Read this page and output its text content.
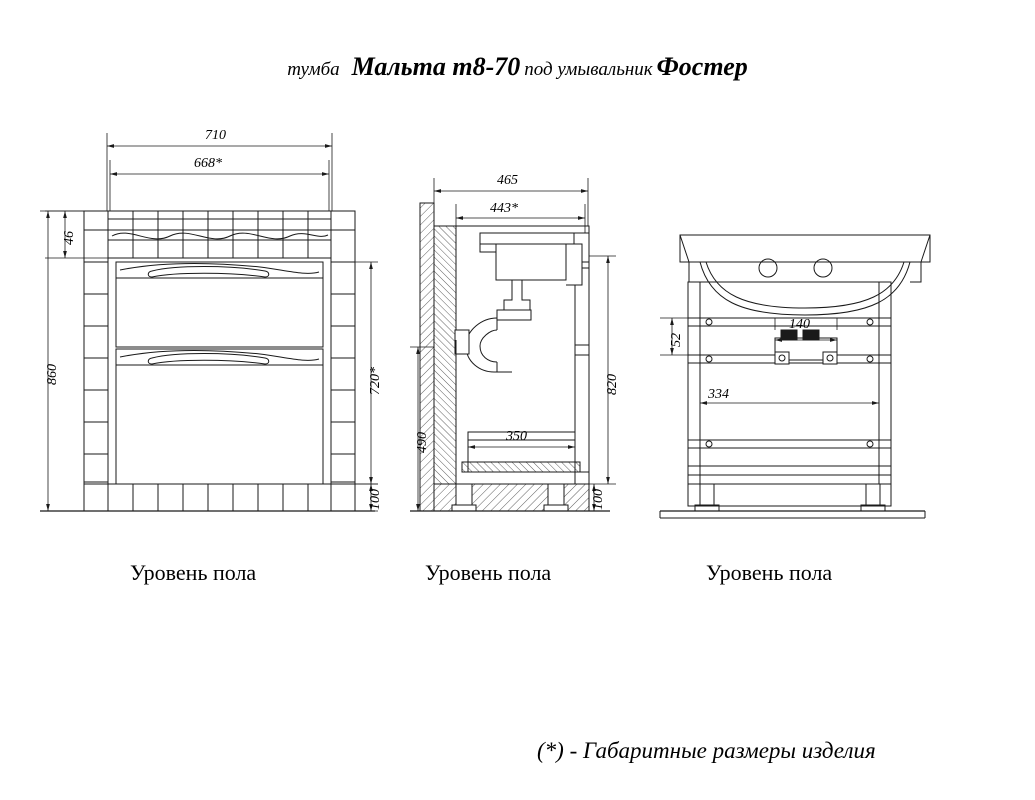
тумба Мальта т8-70 под умывальник Фостер
710
668*
46
860	720*
100
465
443*
820
490	350
100
52
140
334
Уровень пола	Уровень пола	Уровень пола
(*) - Габаритные размеры изделия
